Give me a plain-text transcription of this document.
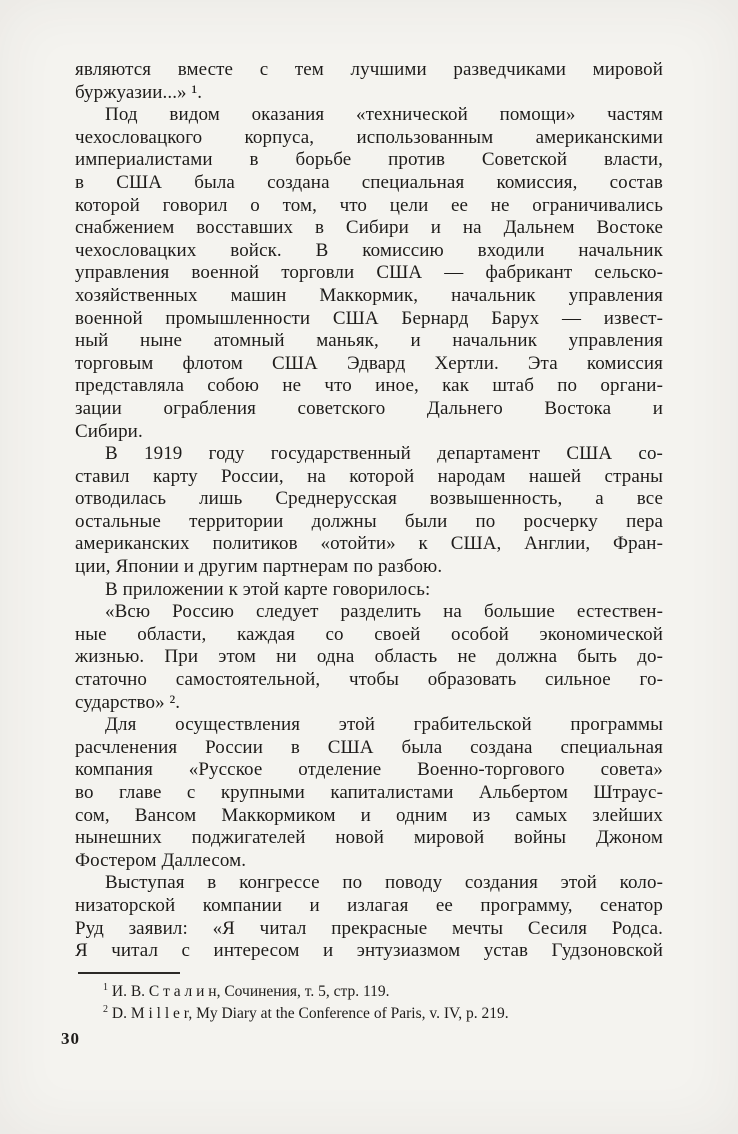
являются вместе с тем лучшими разведчиками мировой
буржуазии...» ¹.
Под видом оказания «технической помощи» частям
чехословацкого корпуса, использованным американскими
империалистами в борьбе против Советской власти,
в США была создана специальная комиссия, состав
которой говорил о том, что цели ее не ограничивались
снабжением восставших в Сибири и на Дальнем Востоке
чехословацких войск. В комиссию входили начальник
управления военной торговли США — фабрикант сельско-
хозяйственных машин Маккормик, начальник управления
военной промышленности США Бернард Барух — извест-
ный ныне атомный маньяк, и начальник управления
торговым флотом США Эдвард Хертли. Эта комиссия
представляла собою не что иное, как штаб по органи-
зации ограбления советского Дальнего Востока и
Сибири.
В 1919 году государственный департамент США со-
ставил карту России, на которой народам нашей страны
отводилась лишь Среднерусская возвышенность, а все
остальные территории должны были по росчерку пера
американских политиков «отойти» к США, Англии, Фран-
ции, Японии и другим партнерам по разбою.
В приложении к этой карте говорилось:
«Всю Россию следует разделить на большие естествен-
ные области, каждая со своей особой экономической
жизнью. При этом ни одна область не должна быть до-
статочно самостоятельной, чтобы образовать сильное го-
сударство» ².
Для осуществления этой грабительской программы
расчленения России в США была создана специальная
компания «Русское отделение Военно-торгового совета»
во главе с крупными капиталистами Альбертом Штраус-
сом, Вансом Маккормиком и одним из самых злейших
нынешних поджигателей новой мировой войны Джоном
Фостером Даллесом.
Выступая в конгрессе по поводу создания этой коло-
низаторской компании и излагая ее программу, сенатор
Руд заявил: «Я читал прекрасные мечты Сесиля Родса.
Я читал с интересом и энтузиазмом устав Гудзоновской
$^1$ И. В. С т а л и н, Сочинения, т. 5, стр. 119.
$^2$ D. M i l l e r, My Diary at the Conference of Paris, v. IV, p. 219.
30
